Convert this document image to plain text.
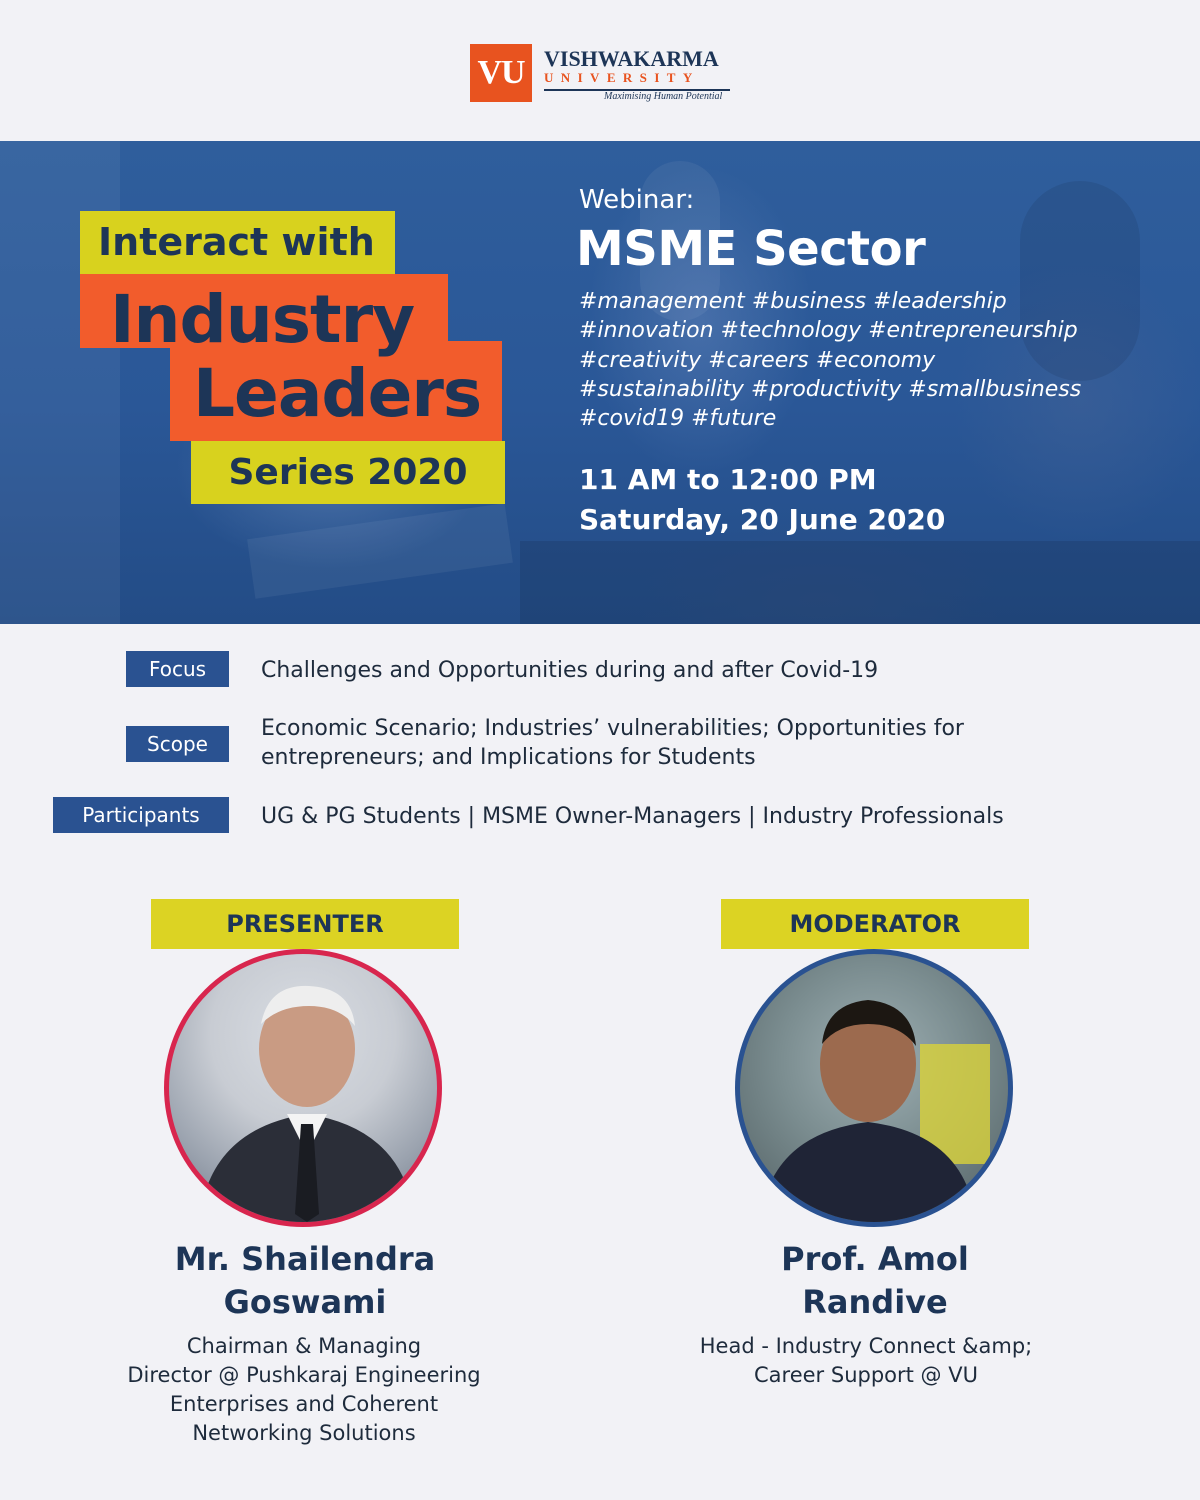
VU VISHWAKARMA
UNIVERSITY
Maximising Human Potential
Interact with
Industry
Leaders
Series 2020
Webinar:
MSME Sector
#management #business #leadership
#innovation #technology #entrepreneurship
#creativity #careers #economy
#sustainability #productivity #smallbusiness
#covid19 #future
11 AM to 12:00 PM
Saturday, 20 June 2020
Focus	Challenges and Opportunities during and after Covid-19
Scope
Economic Scenario; Industries’ vulnerabilities; Opportunities for
entrepreneurs; and Implications for Students
Participants	UG & PG Students | MSME Owner-Managers | Industry Professionals
PRESENTER
Mr. Shailendra
Goswami
Chairman & Managing
Director @ Pushkaraj Engineering
Enterprises and Coherent
Networking Solutions
MODERATOR
Prof. Amol
Randive
Head - Industry Connect &amp;
Career Support @ VU
